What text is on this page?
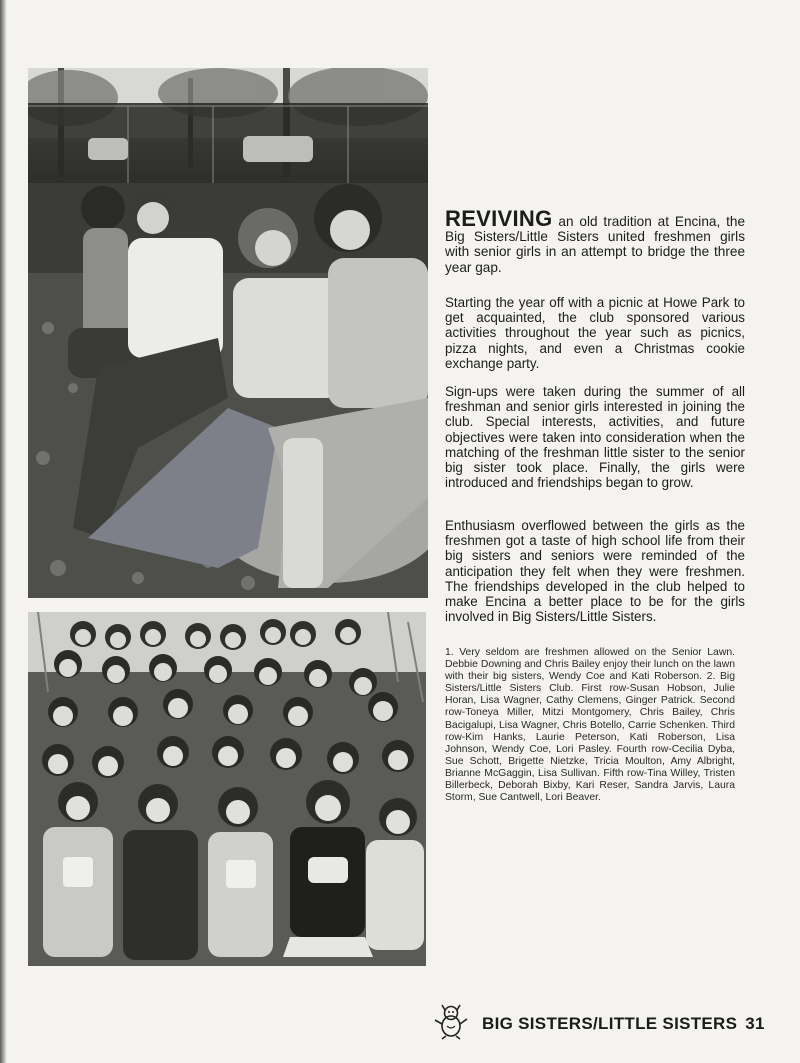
REVIVING an old tradition at Encina, the Big Sisters/Little Sisters united freshmen girls with senior girls in an attempt to bridge the three year gap.

Starting the year off with a picnic at Howe Park to get acquainted, the club sponsored various activities throughout the year such as picnics, pizza nights, and even a Christmas cookie exchange party.

Sign-ups were taken during the summer of all freshman and senior girls interested in joining the club. Special interests, activities, and future objectives were taken into consideration when the matching of the freshman little sister to the senior big sister took place. Finally, the girls were introduced and friendships began to grow.

Enthusiasm overflowed between the girls as the freshmen got a taste of high school life from their big sisters and seniors were reminded of the anticipation they felt when they were freshmen. The friendships developed in the club helped to make Encina a better place to be for the girls involved in Big Sisters/Little Sisters.

1. Very seldom are freshmen allowed on the Senior Lawn. Debbie Downing and Chris Bailey enjoy their lunch on the lawn with their big sisters, Wendy Coe and Kati Roberson. 2. Big Sisters/Little Sisters Club. First row-Susan Hobson, Julie Horan, Lisa Wagner, Cathy Clemens, Ginger Patrick. Second row-Toneya Miller, Mitzi Montgomery, Chris Bailey, Chris Bacigalupi, Lisa Wagner, Chris Botello, Carrie Schenken. Third row-Kim Hanks, Laurie Peterson, Kati Roberson, Lisa Johnson, Wendy Coe, Lori Pasley. Fourth row-Cecilia Dyba, Sue Schott, Brigette Nietzke, Tricia Moulton, Amy Albright, Brianne McGaggin, Lisa Sullivan. Fifth row-Tina Willey, Tristen Billerbeck, Deborah Bixby, Kari Reser, Sandra Jarvis, Laura Storm, Sue Cantwell, Lori Beaver.
BIG SISTERS/LITTLE SISTERS 31
